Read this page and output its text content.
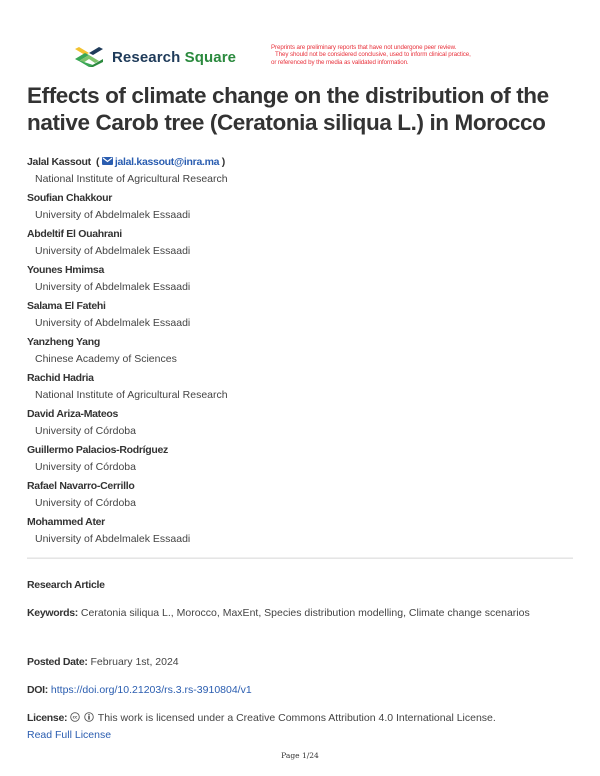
Research Square
Preprints are preliminary reports that have not undergone peer review.
They should not be considered conclusive, used to inform clinical practice,
or referenced by the media as validated information.
Effects of climate change on the distribution of the native Carob tree (Ceratonia siliqua L.) in Morocco
Jalal Kassout  ( jalal.kassout@inra.ma )
National Institute of Agricultural Research
Soufian Chakkour
University of Abdelmalek Essaadi
Abdeltif El Ouahrani
University of Abdelmalek Essaadi
Younes Hmimsa
University of Abdelmalek Essaadi
Salama El Fatehi
University of Abdelmalek Essaadi
Yanzheng Yang
Chinese Academy of Sciences
Rachid Hadria
National Institute of Agricultural Research
David Ariza-Mateos
University of Córdoba
Guillermo Palacios-Rodríguez
University of Córdoba
Rafael Navarro-Cerrillo
University of Córdoba
Mohammed Ater
University of Abdelmalek Essaadi
Research Article
Keywords: Ceratonia siliqua L., Morocco, MaxEnt, Species distribution modelling, Climate change scenarios
Posted Date: February 1st, 2024
DOI: https://doi.org/10.21203/rs.3.rs-3910804/v1
License: cc This work is licensed under a Creative Commons Attribution 4.0 International License.
Read Full License
Page 1/24
